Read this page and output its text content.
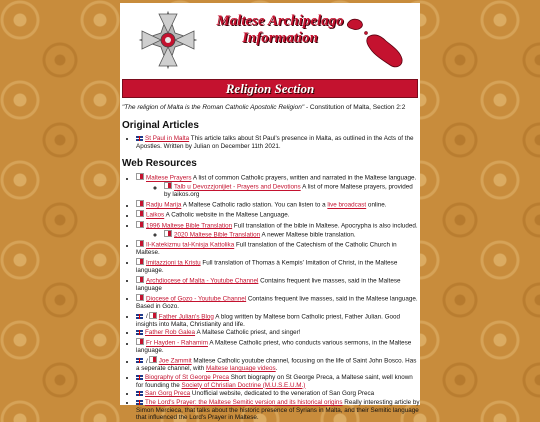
Maltese Archipelago
Information
Religion Section
"The religion of Malta is the Roman Catholic Apostolic Religion" - Constitution of Malta, Section 2:2
Original Articles
• St Paul in Malta This article talks about St Paul's presence in Malta, as outlined in the Acts of the Apostles. Written by Julian on December 11th 2021.
Web Resources
• Maltese Prayers A list of common Catholic prayers, written and narrated in the Maltese language.
◦ Talb u Devozzjonijiet - Prayers and Devotions A list of more Maltese prayers, provided by laikos.org
• Radju Marija A Maltese Catholic radio station. You can listen to a live broadcast online.
• Laikos A Catholic website in the Maltese Language.
• 1996 Maltese Bible Translation Full translation of the bible in Maltese. Apocrypha is also included.
◦ 2020 Maltese Bible Translation A newer Maltese bible translation.
• Il-Katekizmu tal-Knisja Kattolika Full translation of the Catechism of the Catholic Church in Maltese.
• Imitazzjoni ta Kristu Full translation of Thomas à Kempis' Imitation of Christ, in the Maltese language.
• Archdiocese of Malta - Youtube Channel Contains frequent live masses, said in the Maltese language
• Diocese of Gozo - Youtube Channel Contains frequent live masses, said in the Maltese language. Based in Gozo.
• / Father Julian's Blog A blog written by Maltese born Catholic priest, Father Julian. Good insights into Malta, Christianity and life.
• Father Rob Galea A Maltese Catholic priest, and singer!
• Fr Hayden - Rahamim A Maltese Catholic priest, who conducts various sermons, in the Maltese language.
• / Joe Zammit Maltese Catholic youtube channel, focusing on the life of Saint John Bosco. Has a seperate channel, with Maltese language videos.
• Biography of St George Preca Short biography on St George Preca, a Maltese saint, well known for founding the Society of Christian Doctrine (M.U.S.E.U.M.)
• San Gorg Preca Unofficial website, dedicated to the veneration of San Gorg Preca
• The Lord's Prayer: the Maltese Semitic version and its historical origins Really interesting article by Simon Mercieca, that talks about the historic presence of Syrians in Malta, and their Semitic language that influenced the Lord's Prayer in Maltese.
